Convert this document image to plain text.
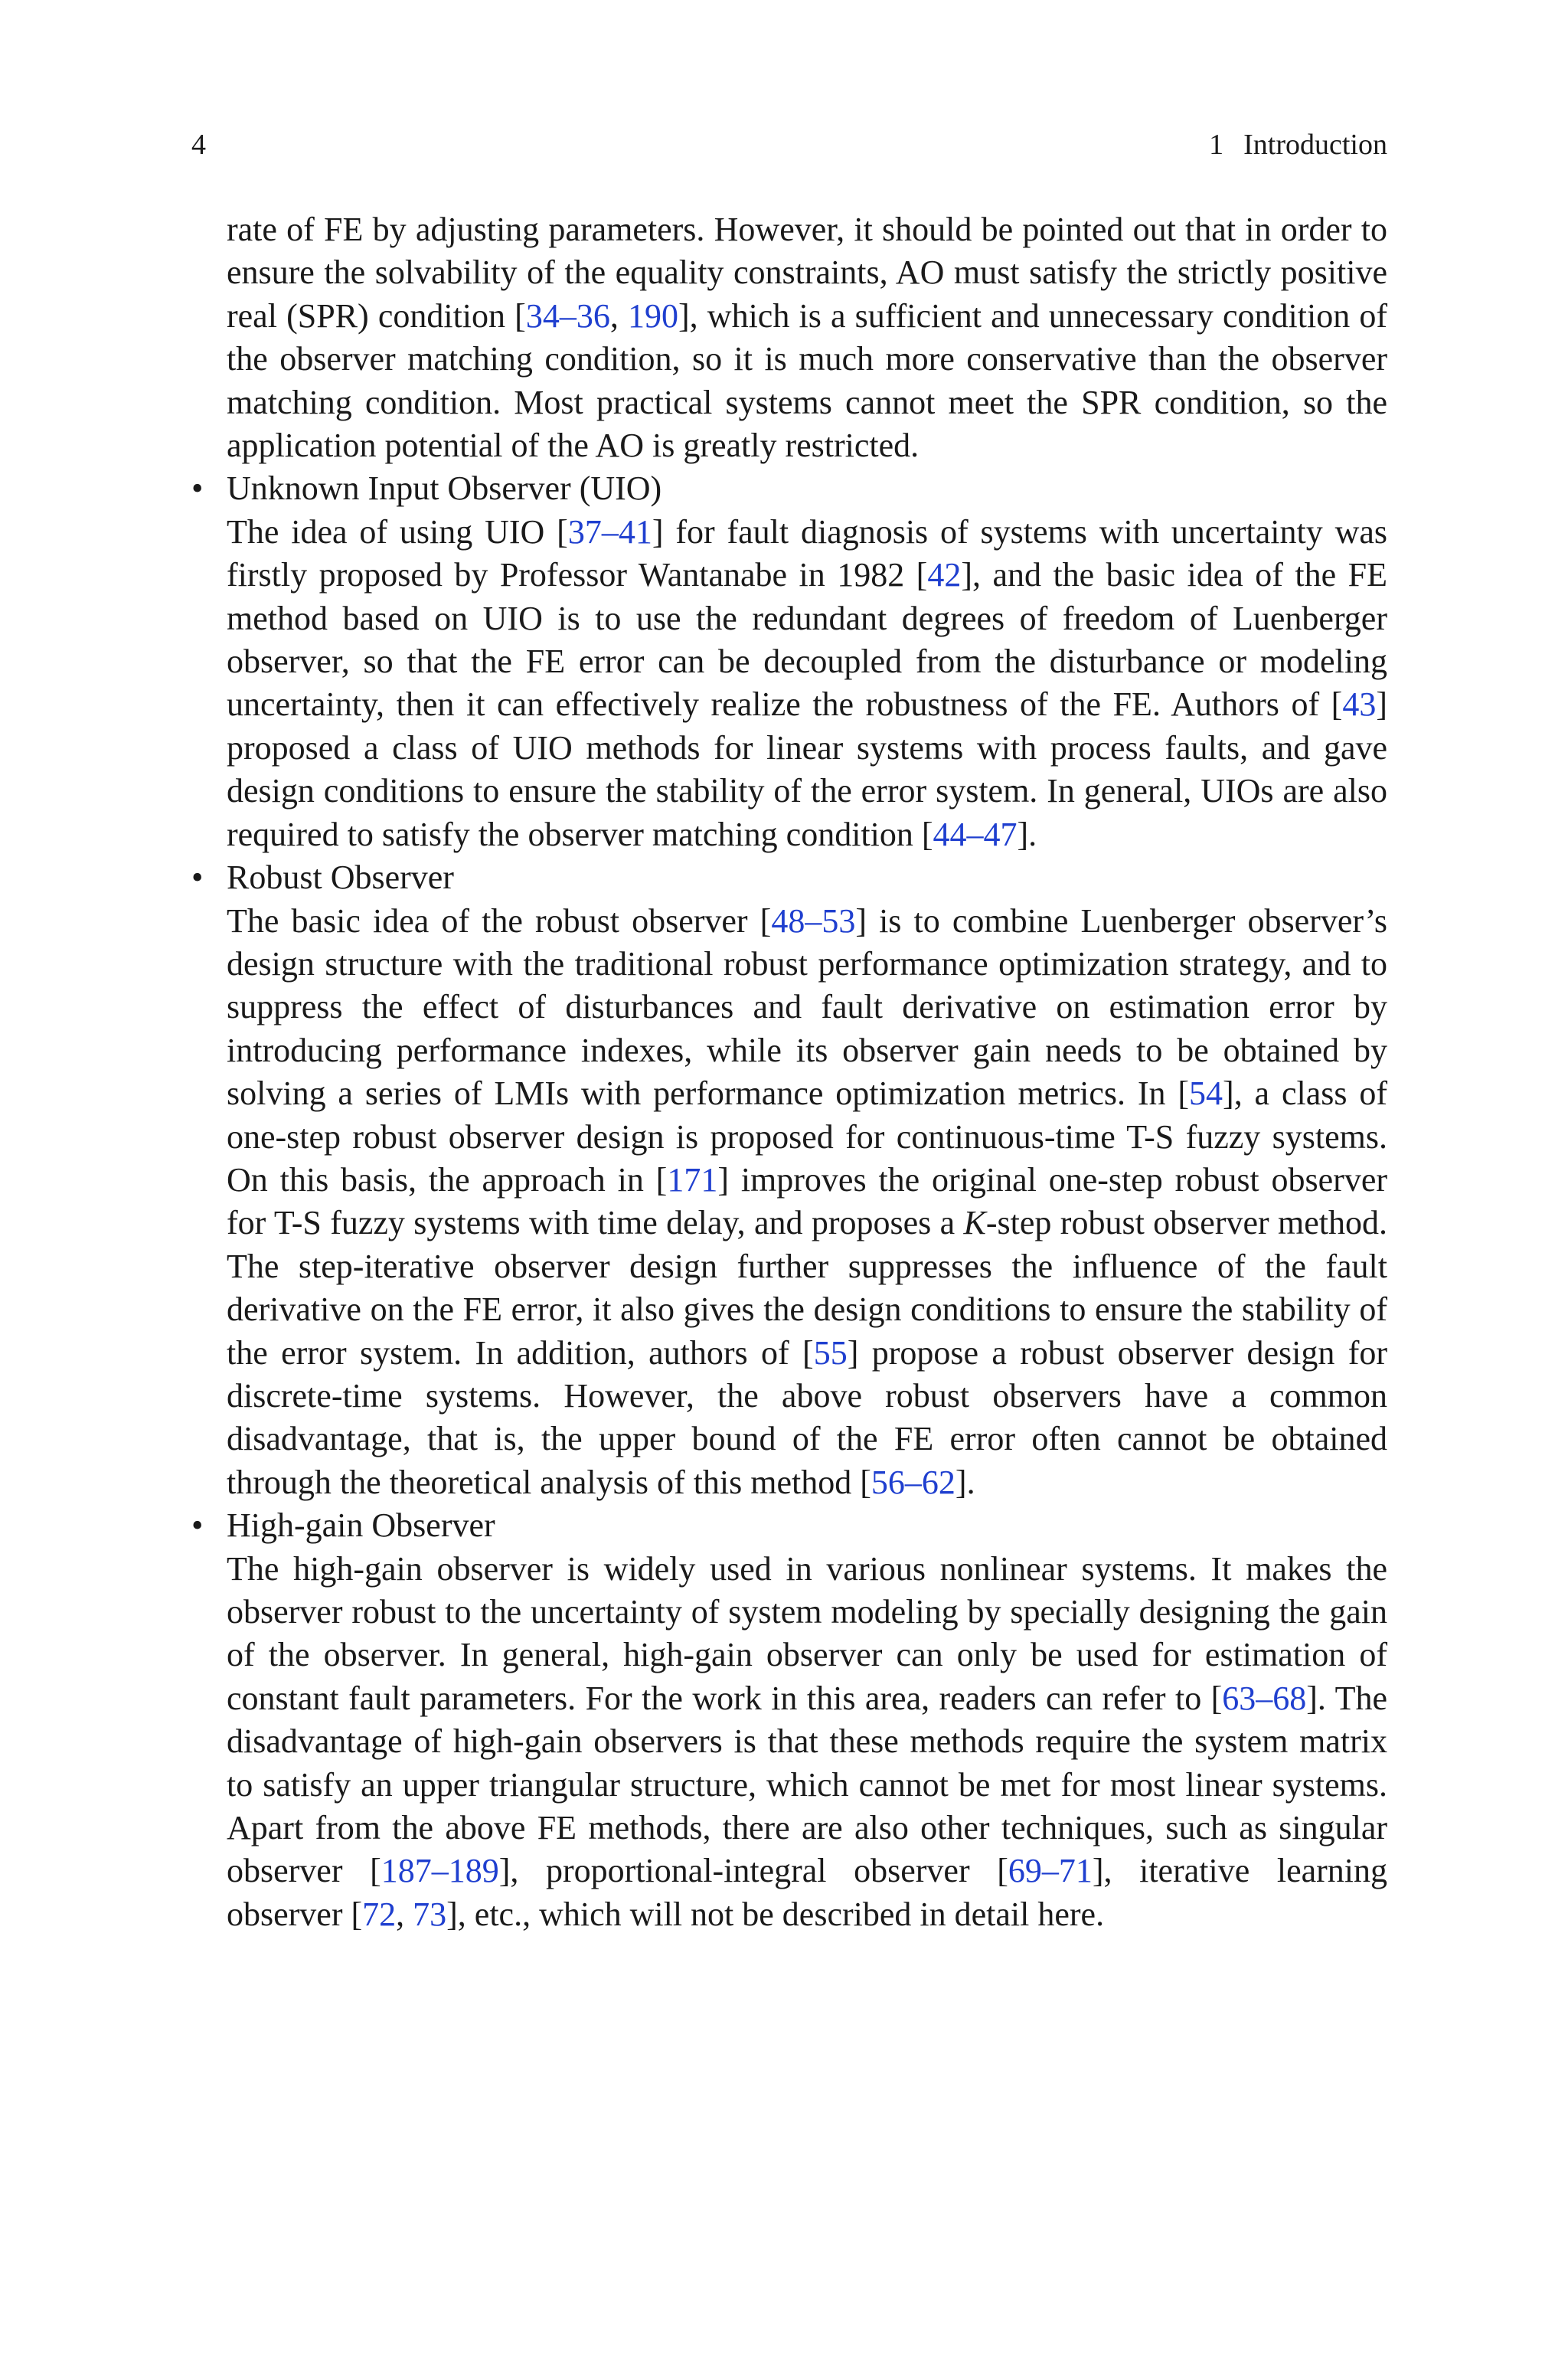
4	1 Introduction

rate of FE by adjusting parameters. However, it should be pointed out that in order to ensure the solvability of the equality constraints, AO must satisfy the strictly positive real (SPR) condition [34–36, 190], which is a sufficient and unnecessary condition of the observer matching condition, so it is much more conservative than the observer matching condition. Most practical systems cannot meet the SPR condition, so the application potential of the AO is greatly restricted.

• Unknown Input Observer (UIO)

The idea of using UIO [37–41] for fault diagnosis of systems with uncertainty was firstly proposed by Professor Wantanabe in 1982 [42], and the basic idea of the FE method based on UIO is to use the redundant degrees of freedom of Luenberger observer, so that the FE error can be decoupled from the disturbance or modeling uncertainty, then it can effectively realize the robustness of the FE. Authors of [43] proposed a class of UIO methods for linear systems with process faults, and gave design conditions to ensure the stability of the error system. In general, UIOs are also required to satisfy the observer matching condition [44–47].

• Robust Observer

The basic idea of the robust observer [48–53] is to combine Luenberger observer’s design structure with the traditional robust performance optimization strategy, and to suppress the effect of disturbances and fault derivative on estimation error by introducing performance indexes, while its observer gain needs to be obtained by solving a series of LMIs with performance optimization metrics. In [54], a class of one-step robust observer design is proposed for continuous-time T-S fuzzy systems. On this basis, the approach in [171] improves the original one-step robust observer for T-S fuzzy systems with time delay, and proposes a K-step robust observer method. The step-iterative observer design further suppresses the influence of the fault derivative on the FE error, it also gives the design conditions to ensure the stability of the error system. In addition, authors of [55] propose a robust observer design for discrete-time systems. However, the above robust observers have a common disadvantage, that is, the upper bound of the FE error often cannot be obtained through the theoretical analysis of this method [56–62].

• High-gain Observer

The high-gain observer is widely used in various nonlinear systems. It makes the observer robust to the uncertainty of system modeling by specially designing the gain of the observer. In general, high-gain observer can only be used for estimation of constant fault parameters. For the work in this area, readers can refer to [63–68]. The disadvantage of high-gain observers is that these methods require the system matrix to satisfy an upper triangular structure, which cannot be met for most linear systems. Apart from the above FE methods, there are also other techniques, such as singular observer [187–189], proportional-integral observer [69–71], iterative learning observer [72, 73], etc., which will not be described in detail here.
